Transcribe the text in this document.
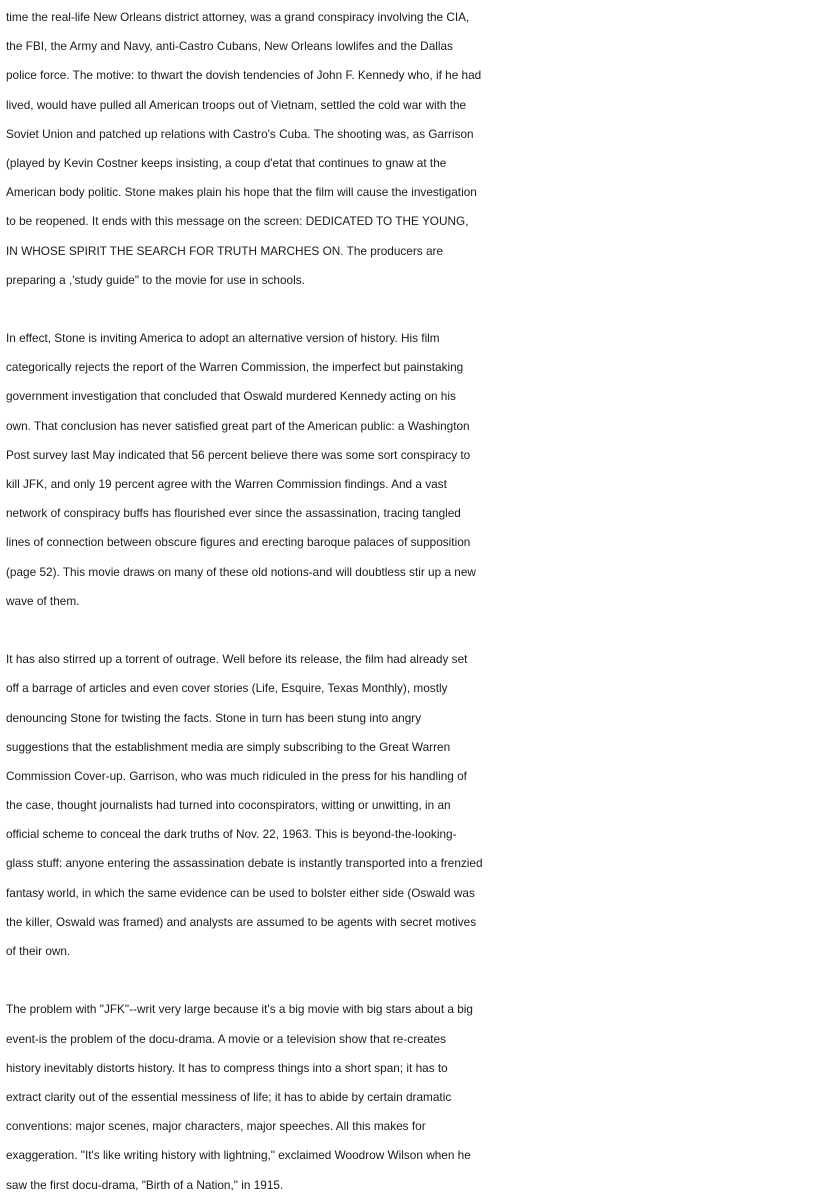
time the real-life New Orleans district attorney, was a grand conspiracy involving the CIA,
the FBI, the Army and Navy, anti-Castro Cubans, New Orleans lowlifes and the Dallas
police force. The motive: to thwart the dovish tendencies of John F. Kennedy who, if he had
lived, would have pulled all American troops out of Vietnam, settled the cold war with the
Soviet Union and patched up relations with Castro's Cuba. The shooting was, as Garrison
(played by Kevin Costner keeps insisting, a coup d'etat that continues to gnaw at the
American body politic. Stone makes plain his hope that the film will cause the investigation
to be reopened. It ends with this message on the screen: DEDICATED TO THE YOUNG,
IN WHOSE SPIRIT THE SEARCH FOR TRUTH MARCHES ON. The producers are
preparing a ,'study guide" to the movie for use in schools.
In effect, Stone is inviting America to adopt an alternative version of history. His film
categorically rejects the report of the Warren Commission, the imperfect but painstaking
government investigation that concluded that Oswald murdered Kennedy acting on his
own. That conclusion has never satisfied great part of the American public: a Washington
Post survey last May indicated that 56 percent believe there was some sort conspiracy to
kill JFK, and only 19 percent agree with the Warren Commission findings. And a vast
network of conspiracy buffs has flourished ever since the assassination, tracing tangled
lines of connection between obscure figures and erecting baroque palaces of supposition
(page 52). This movie draws on many of these old notions-and will doubtless stir up a new
wave of them.
It has also stirred up a torrent of outrage. Well before its release, the film had already set
off a barrage of articles and even cover stories (Life, Esquire, Texas Monthly), mostly
denouncing Stone for twisting the facts. Stone in turn has been stung into angry
suggestions that the establishment media are simply subscribing to the Great Warren
Commission Cover-up. Garrison, who was much ridiculed in the press for his handling of
the case, thought journalists had turned into coconspirators, witting or unwitting, in an
official scheme to conceal the dark truths of Nov. 22, 1963. This is beyond-the-looking-
glass stuff: anyone entering the assassination debate is instantly transported into a frenzied
fantasy world, in which the same evidence can be used to bolster either side (Oswald was
the killer, Oswald was framed) and analysts are assumed to be agents with secret motives
of their own.
The problem with "JFK"--writ very large because it's a big movie with big stars about a big
event-is the problem of the docu-drama. A movie or a television show that re-creates
history inevitably distorts history. It has to compress things into a short span; it has to
extract clarity out of the essential messiness of life; it has to abide by certain dramatic
conventions: major scenes, major characters, major speeches. All this makes for
exaggeration. "It's like writing history with lightning," exclaimed Woodrow Wilson when he
saw the first docu-drama, "Birth of a Nation," in 1915.
